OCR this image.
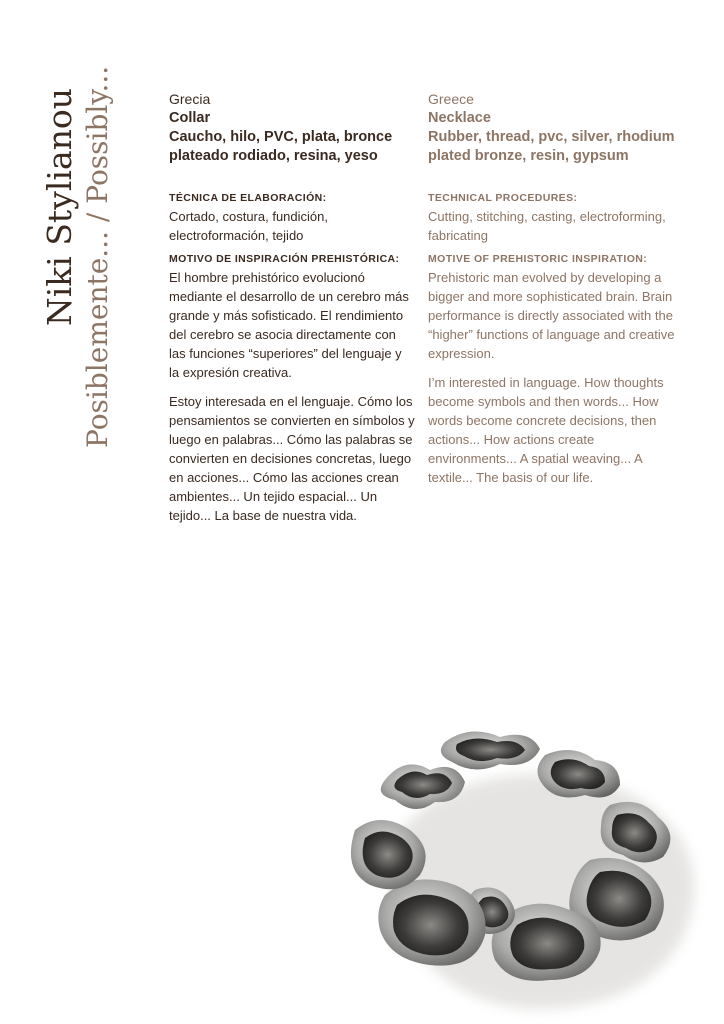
Niki Stylianou Posiblemente... / Possibly...	Grecia
Collar
Caucho, hilo, PVC, plata, bronce plateado rodiado, resina, yeso
TÉCNICA DE ELABORACIÓN:
Cortado, costura, fundición, electroformación, tejido
MOTIVO DE INSPIRACIÓN PREHISTÓRICA:
El hombre prehistórico evolucionó mediante el desarrollo de un cerebro más grande y más sofisticado. El rendimiento del cerebro se asocia directamente con las funciones “superiores” del lenguaje y la expresión creativa.
Estoy interesada en el lenguaje. Cómo los pensamientos se convierten en símbolos y luego en palabras... Cómo las palabras se convierten en decisiones concretas, luego en acciones... Cómo las acciones crean ambientes... Un tejido espacial... Un tejido... La base de nuestra vida.
Greece
Necklace
Rubber, thread, pvc, silver, rhodium plated bronze, resin, gypsum
TECHNICAL PROCEDURES:
Cutting, stitching, casting, electroforming, fabricating
MOTIVE OF PREHISTORIC INSPIRATION:
Prehistoric man evolved by developing a bigger and more sophisticated brain. Brain performance is directly associated with the “higher” functions of language and creative expression.
I’m interested in language. How thoughts become symbols and then words... How words become concrete decisions, then actions... How actions create environments... A spatial weaving... A textile... The basis of our life.
